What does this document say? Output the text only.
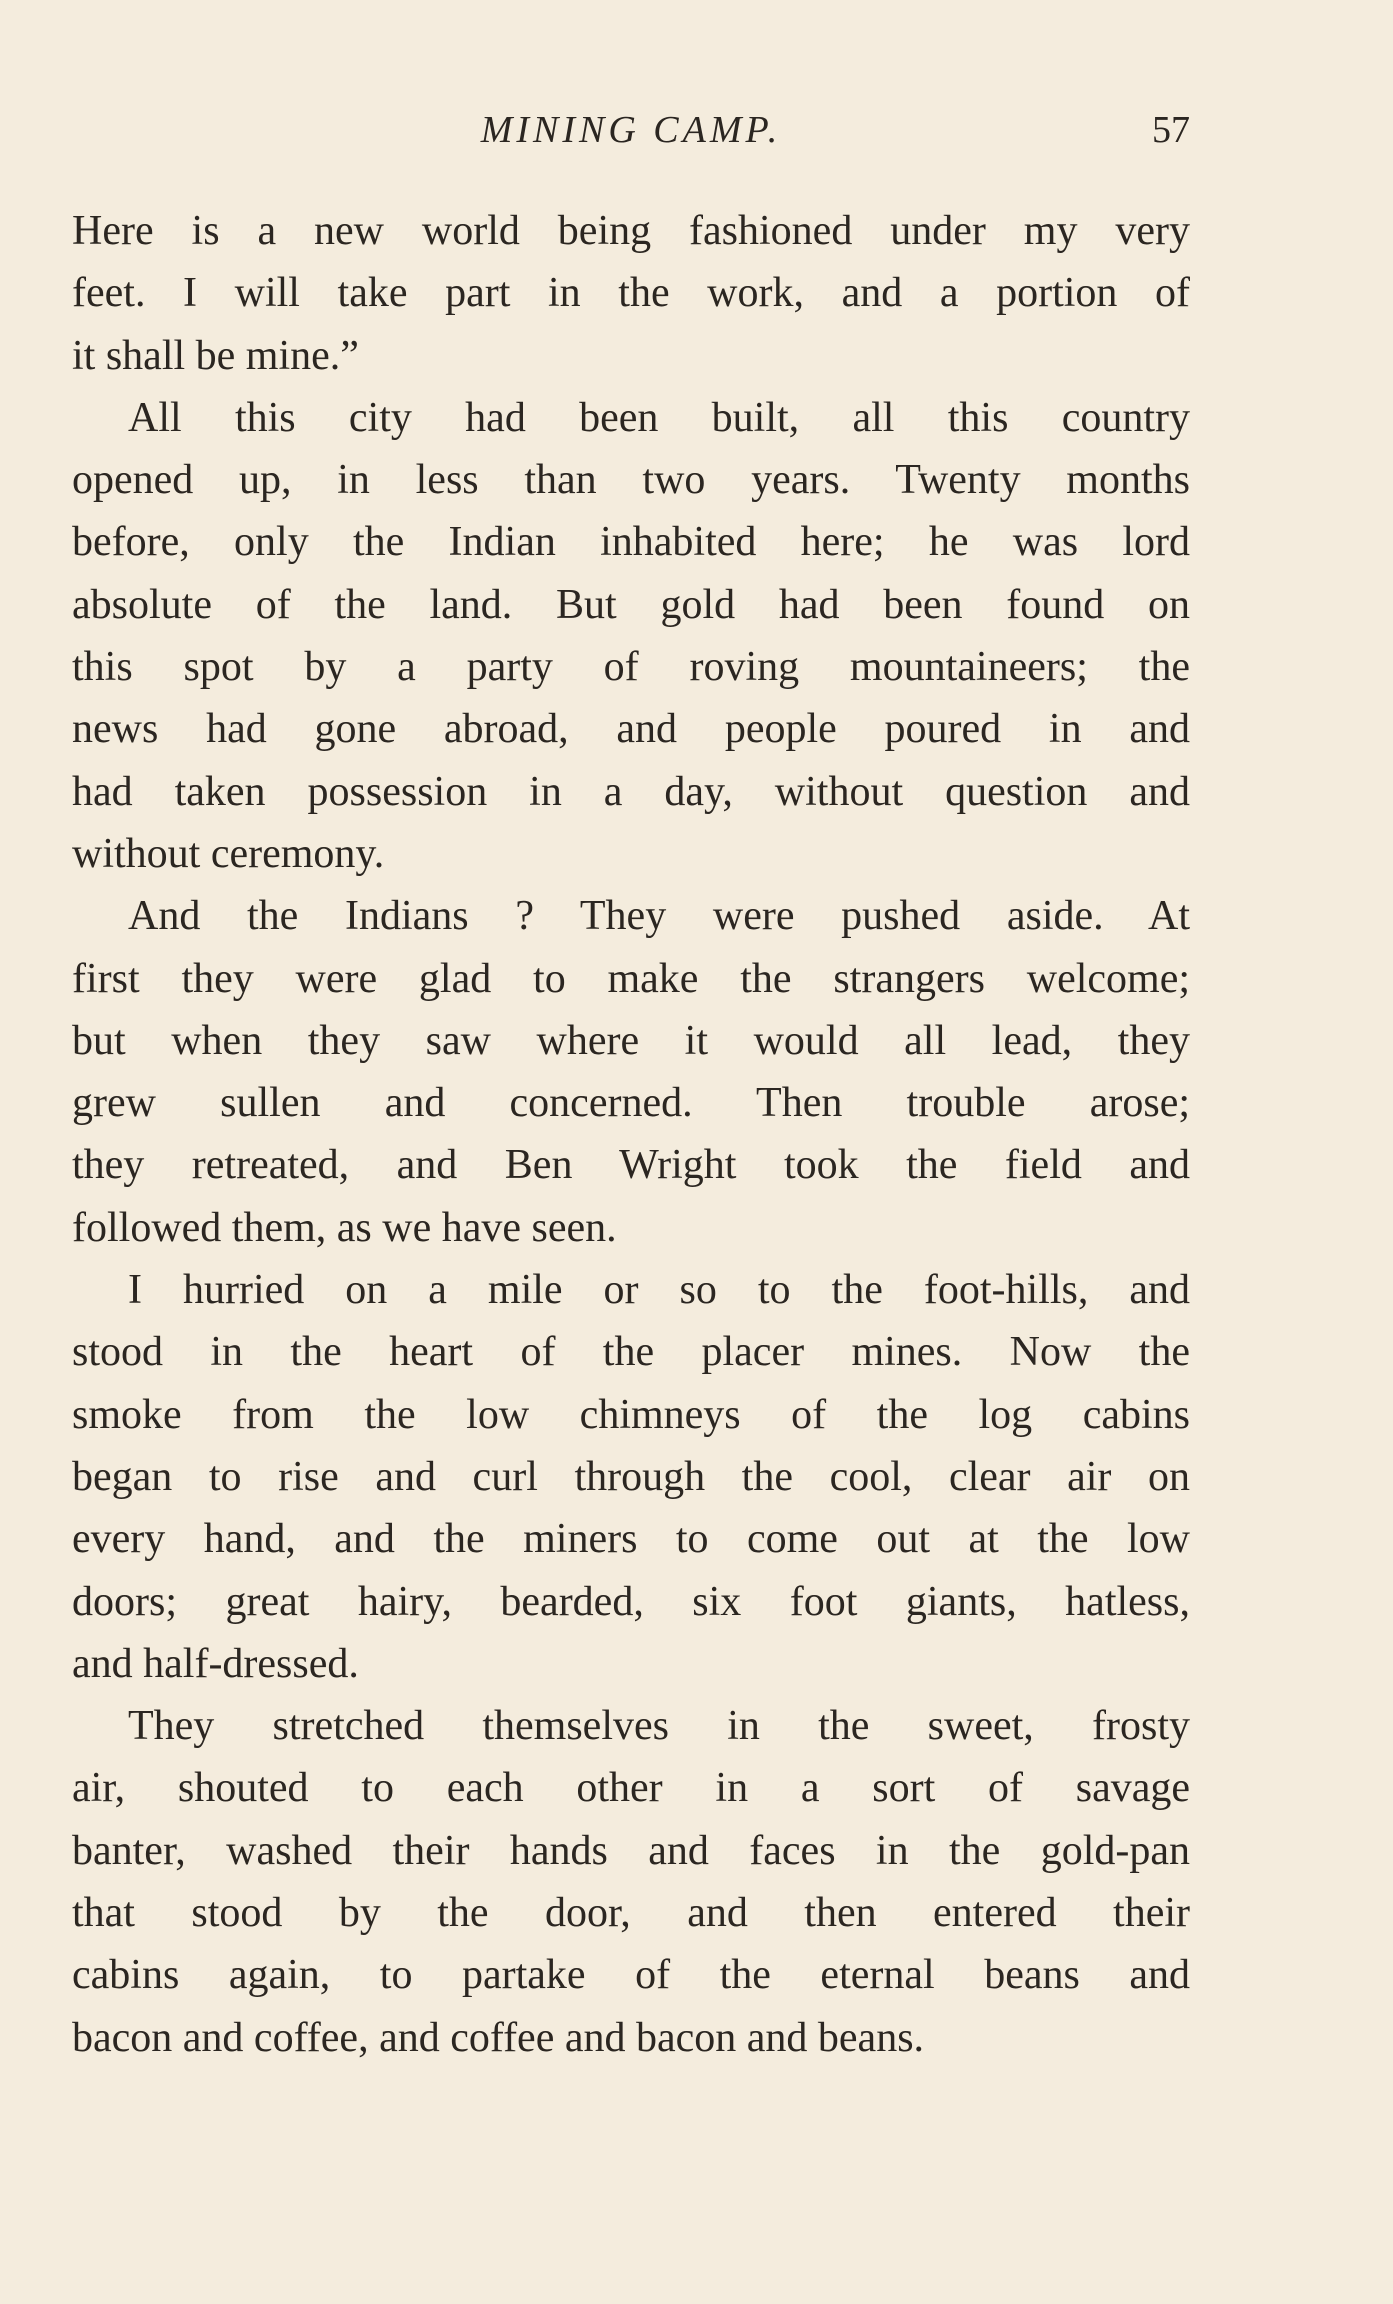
MINING CAMP.	57
Here is a new world being fashioned under my very
feet. I will take part in the work, and a portion of
it shall be mine.”
All this city had been built, all this country
opened up, in less than two years. Twenty months
before, only the Indian inhabited here; he was lord
absolute of the land. But gold had been found on
this spot by a party of roving mountaineers; the
news had gone abroad, and people poured in and
had taken possession in a day, without question and
without ceremony.
And the Indians ? They were pushed aside. At
first they were glad to make the strangers welcome;
but when they saw where it would all lead, they
grew sullen and concerned. Then trouble arose;
they retreated, and Ben Wright took the field and
followed them, as we have seen.
I hurried on a mile or so to the foot-hills, and
stood in the heart of the placer mines. Now the
smoke from the low chimneys of the log cabins
began to rise and curl through the cool, clear air on
every hand, and the miners to come out at the low
doors; great hairy, bearded, six foot giants, hatless,
and half-dressed.
They stretched themselves in the sweet, frosty
air, shouted to each other in a sort of savage
banter, washed their hands and faces in the gold-pan
that stood by the door, and then entered their
cabins again, to partake of the eternal beans and
bacon and coffee, and coffee and bacon and beans.
